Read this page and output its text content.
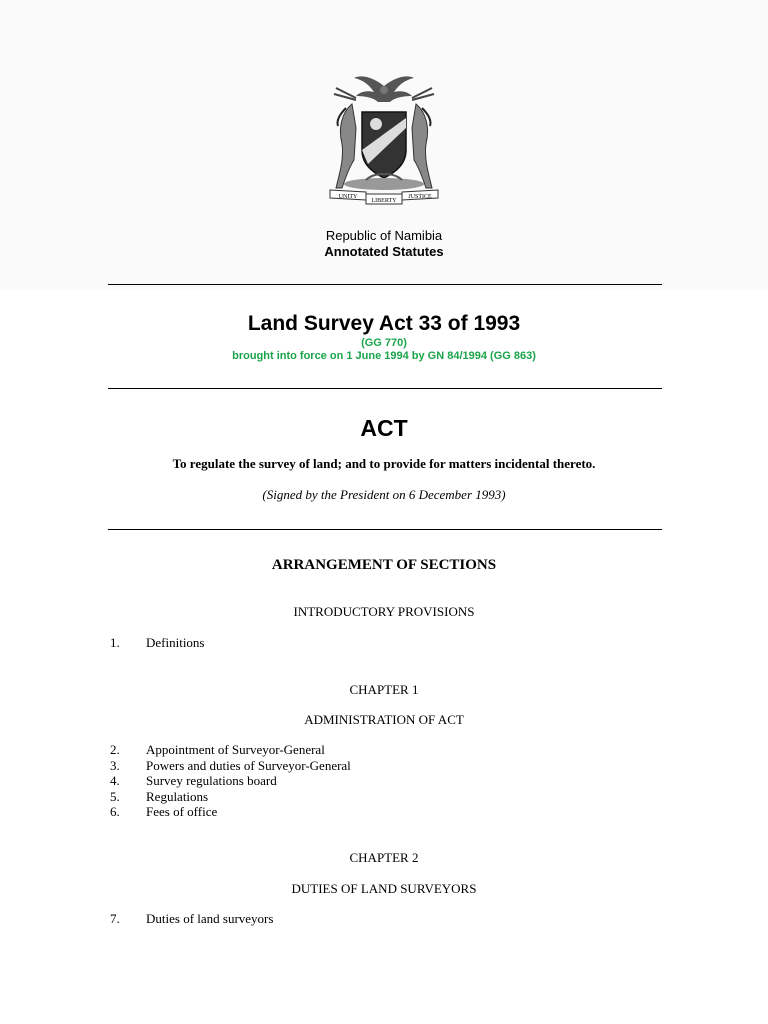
UNITY
LIBERTY
JUSTICE
Republic of Namibia
Annotated Statutes
Land Survey Act 33 of 1993
(GG 770)
brought into force on 1 June 1994 by GN 84/1994 (GG 863)
ACT
To regulate the survey of land; and to provide for matters incidental thereto.
(Signed by the President on 6 December 1993)
ARRANGEMENT OF SECTIONS
INTRODUCTORY PROVISIONS
1. Definitions
CHAPTER 1
ADMINISTRATION OF ACT
2. Appointment of Surveyor-General
3. Powers and duties of Surveyor-General
4. Survey regulations board
5. Regulations
6. Fees of office
CHAPTER 2
DUTIES OF LAND SURVEYORS
7. Duties of land surveyors
